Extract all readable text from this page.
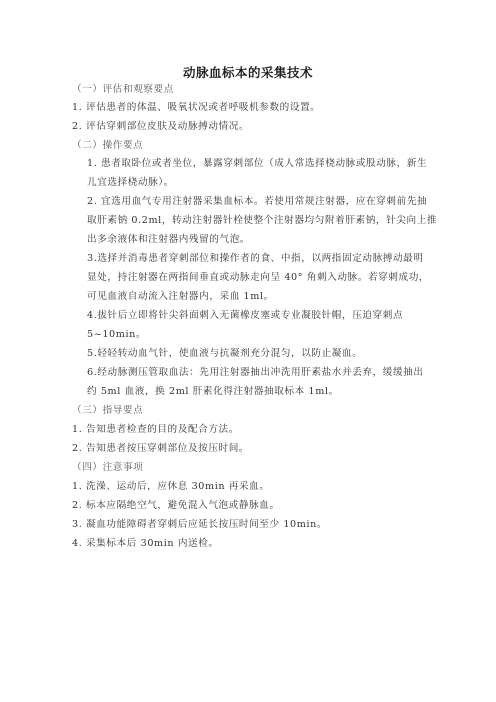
动脉血标本的采集技术
（一）评估和观察要点
1. 评估患者的体温、吸氧状况或者呼吸机参数的设置。
2. 评估穿刺部位皮肤及动脉搏动情况。
（二）操作要点
1. 患者取卧位或者坐位，暴露穿刺部位（成人常选择桡动脉或股动脉，新生
儿宜选择桡动脉）。
2. 宜选用血气专用注射器采集血标本。若使用常规注射器，应在穿刺前先抽
取肝素钠 0.2ml，转动注射器针栓使整个注射器均匀附着肝素钠，针尖向上推
出多余液体和注射器内残留的气泡。
3.选择并消毒患者穿刺部位和操作者的食、中指，以两指固定动脉搏动最明
显处，持注射器在两指间垂直或动脉走向呈 40° 角刺入动脉。若穿刺成功，
可见血液自动流入注射器内，采血 1ml。
4.拔针后立即将针尖斜面刺入无菌橡皮塞或专业凝胶针帽，压迫穿刺点
5~10min。
5.轻轻转动血气针，使血液与抗凝剂充分混匀，以防止凝血。
6.经动脉测压管取血法：先用注射器抽出冲洗用肝素盐水并丢弃，缓缓抽出
约 5ml 血液，换 2ml 肝素化得注射器抽取标本 1ml。
（三）指导要点
1. 告知患者检查的目的及配合方法。
2. 告知患者按压穿刺部位及按压时间。
（四）注意事项
1. 洗澡、运动后，应休息 30min 再采血。
2. 标本应隔绝空气，避免混入气泡或静脉血。
3. 凝血功能障碍者穿刺后应延长按压时间至少 10min。
4. 采集标本后 30min 内送检。
